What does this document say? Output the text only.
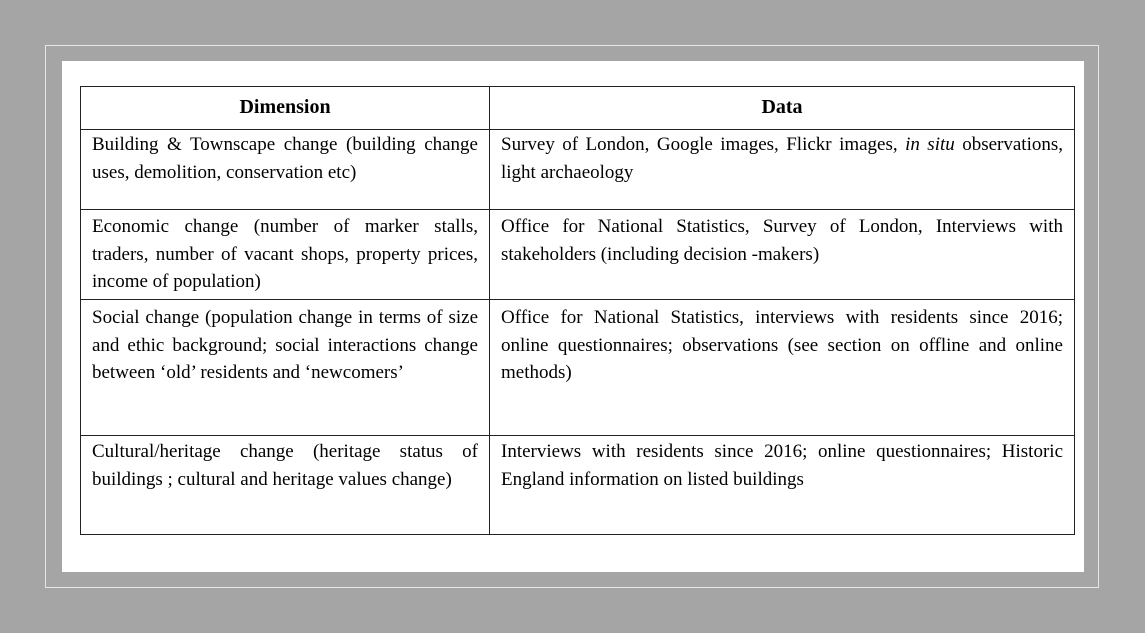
Dimension	Data
Building & Townscape change (building change uses, demolition, conservation etc)	Survey of London, Google images, Flickr images, in situ observations, light archaeology
Economic change (number of marker stalls, traders, number of vacant shops, property prices, income of population)	Office for National Statistics, Survey of London, Interviews with stakeholders (including decision -makers)
Social change (population change in terms of size and ethic background; social interactions change between ‘old’ residents and ‘newcomers’	Office for National Statistics, interviews with residents since 2016; online questionnaires; observations (see section on offline and online methods)
Cultural/heritage change (heritage status of buildings ; cultural and heritage values change)	Interviews with residents since 2016; online questionnaires; Historic England information on listed buildings
